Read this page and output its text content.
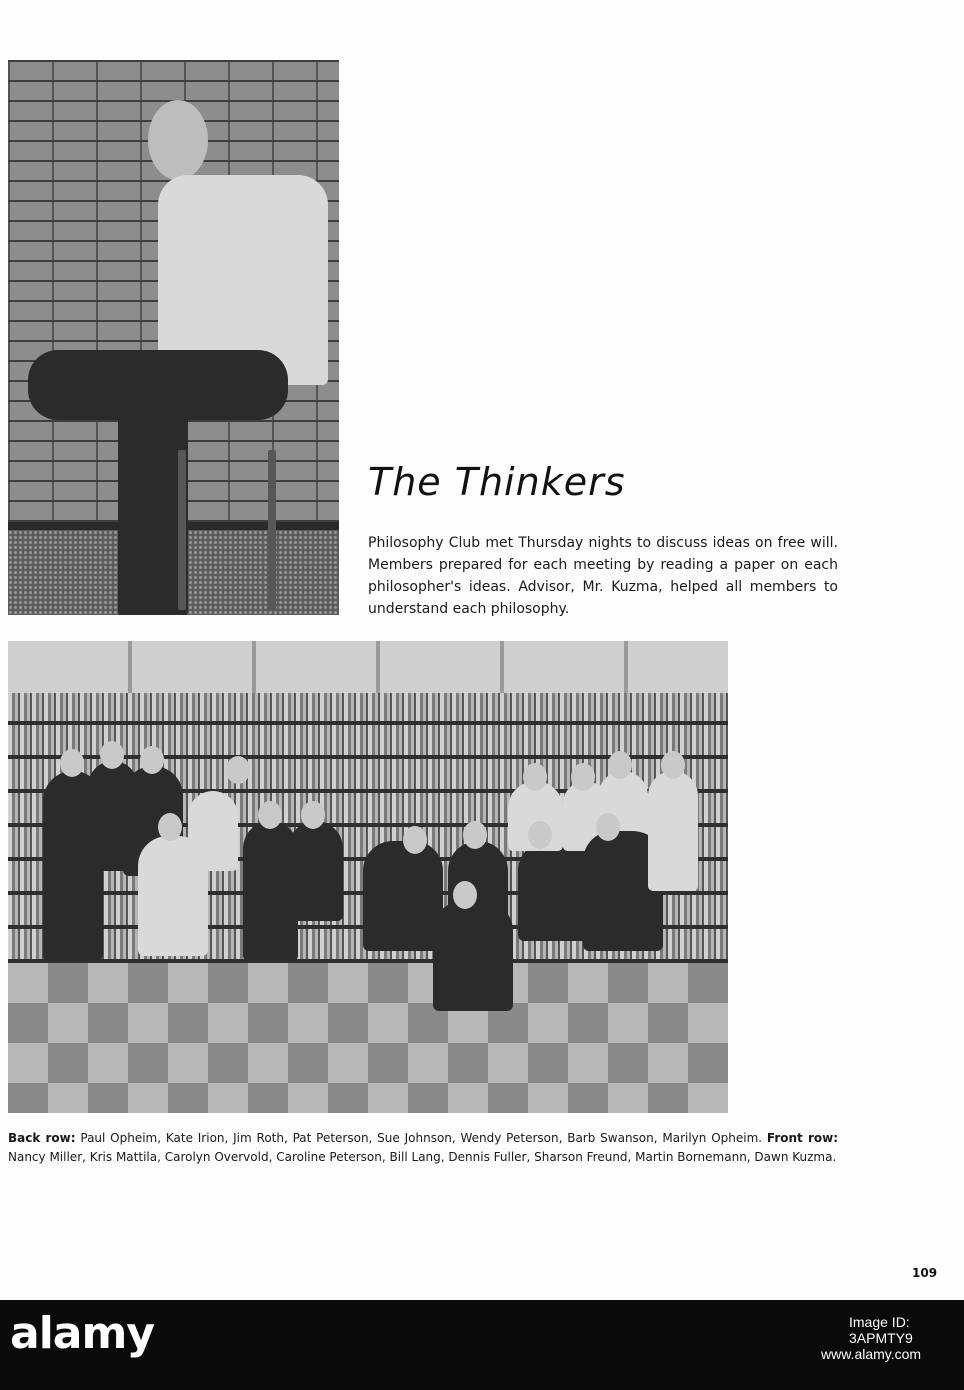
The Thinkers

Philosophy Club met Thursday nights to discuss ideas on free will. Members prepared for each meeting by reading a paper on each philosopher's ideas. Advisor, Mr. Kuzma, helped all members to understand each philosophy.

Back row: Paul Opheim, Kate Irion, Jim Roth, Pat Peterson, Sue Johnson, Wendy Peterson, Barb Swanson, Marilyn Opheim. Front row: Nancy Miller, Kris Mattila, Carolyn Overvold, Caroline Peterson, Bill Lang, Dennis Fuller, Sharson Freund, Martin Bornemann, Dawn Kuzma.

109

alamy	Image ID: 3APMTY9

www.alamy.com
